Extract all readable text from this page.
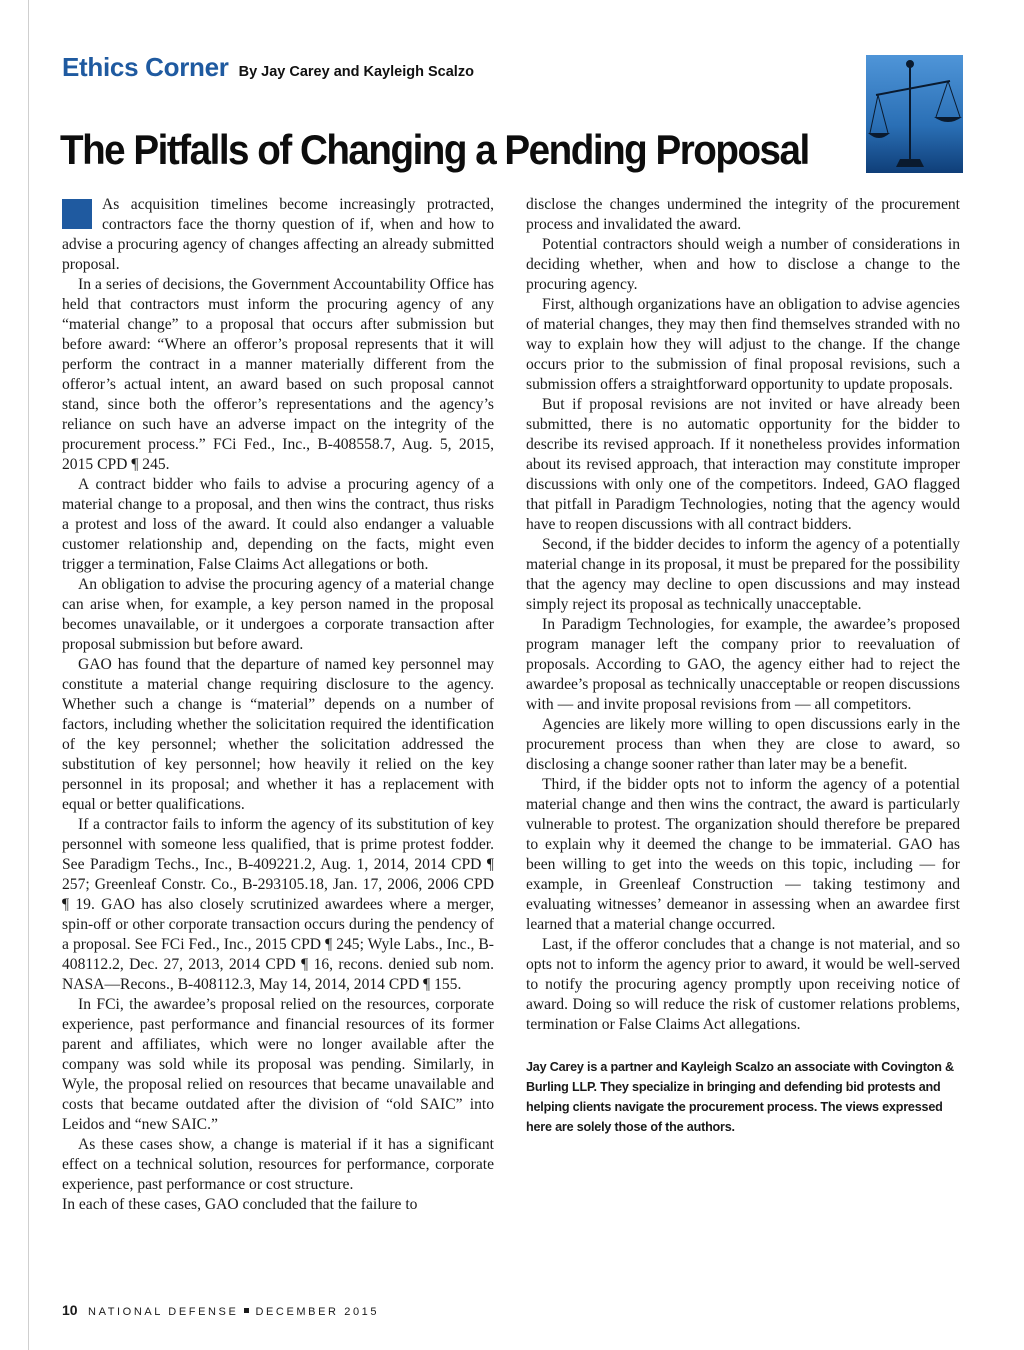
Ethics Corner By Jay Carey and Kayleigh Scalzo
The Pitfalls of Changing a Pending Proposal

As acquisition timelines become increasingly protracted, contractors face the thorny question of if, when and how to advise a procuring agency of changes affecting an already submitted proposal.

In a series of decisions, the Government Accountability Office has held that contractors must inform the procuring agency of any “material change” to a proposal that occurs after submission but before award: “Where an offeror’s proposal represents that it will perform the contract in a manner materially different from the offeror’s actual intent, an award based on such proposal cannot stand, since both the offeror’s representations and the agency’s reliance on such have an adverse impact on the integrity of the procurement process.” FCi Fed., Inc., B-408558.7, Aug. 5, 2015, 2015 CPD ¶ 245.

A contract bidder who fails to advise a procuring agency of a material change to a proposal, and then wins the contract, thus risks a protest and loss of the award. It could also endanger a valuable customer relationship and, depending on the facts, might even trigger a termination, False Claims Act allegations or both.

An obligation to advise the procuring agency of a material change can arise when, for example, a key person named in the proposal becomes unavailable, or it undergoes a corporate transaction after proposal submission but before award.

GAO has found that the departure of named key personnel may constitute a material change requiring disclosure to the agency. Whether such a change is “material” depends on a number of factors, including whether the solicitation required the identification of the key personnel; whether the solicitation addressed the substitution of key personnel; how heavily it relied on the key personnel in its proposal; and whether it has a replacement with equal or better qualifications.

If a contractor fails to inform the agency of its substitution of key personnel with someone less qualified, that is prime protest fodder. See Paradigm Techs., Inc., B-409221.2, Aug. 1, 2014, 2014 CPD ¶ 257; Greenleaf Constr. Co., B-293105.18, Jan. 17, 2006, 2006 CPD ¶ 19. GAO has also closely scrutinized awardees where a merger, spin-off or other corporate transaction occurs during the pendency of a proposal. See FCi Fed., Inc., 2015 CPD ¶ 245; Wyle Labs., Inc., B-408112.2, Dec. 27, 2013, 2014 CPD ¶ 16, recons. denied sub nom. NASA—Recons., B-408112.3, May 14, 2014, 2014 CPD ¶ 155.

In FCi, the awardee’s proposal relied on the resources, corporate experience, past performance and financial resources of its former parent and affiliates, which were no longer available after the company was sold while its proposal was pending. Similarly, in Wyle, the proposal relied on resources that became unavailable and costs that became outdated after the division of “old SAIC” into Leidos and “new SAIC.”

As these cases show, a change is material if it has a significant effect on a technical solution, resources for performance, corporate experience, past performance or cost structure.

In each of these cases, GAO concluded that the failure to

disclose the changes undermined the integrity of the procurement process and invalidated the award.

Potential contractors should weigh a number of considerations in deciding whether, when and how to disclose a change to the procuring agency.

First, although organizations have an obligation to advise agencies of material changes, they may then find themselves stranded with no way to explain how they will adjust to the change. If the change occurs prior to the submission of final proposal revisions, such a submission offers a straightforward opportunity to update proposals.

But if proposal revisions are not invited or have already been submitted, there is no automatic opportunity for the bidder to describe its revised approach. If it nonetheless provides information about its revised approach, that interaction may constitute improper discussions with only one of the competitors. Indeed, GAO flagged that pitfall in Paradigm Technologies, noting that the agency would have to reopen discussions with all contract bidders.

Second, if the bidder decides to inform the agency of a potentially material change in its proposal, it must be prepared for the possibility that the agency may decline to open discussions and may instead simply reject its proposal as technically unacceptable.

In Paradigm Technologies, for example, the awardee’s proposed program manager left the company prior to reevaluation of proposals. According to GAO, the agency either had to reject the awardee’s proposal as technically unacceptable or reopen discussions with — and invite proposal revisions from — all competitors.

Agencies are likely more willing to open discussions early in the procurement process than when they are close to award, so disclosing a change sooner rather than later may be a benefit.

Third, if the bidder opts not to inform the agency of a potential material change and then wins the contract, the award is particularly vulnerable to protest. The organization should therefore be prepared to explain why it deemed the change to be immaterial. GAO has been willing to get into the weeds on this topic, including — for example, in Greenleaf Construction — taking testimony and evaluating witnesses’ demeanor in assessing when an awardee first learned that a material change occurred.

Last, if the offeror concludes that a change is not material, and so opts not to inform the agency prior to award, it would be well-served to notify the procuring agency promptly upon receiving notice of award. Doing so will reduce the risk of customer relations problems, termination or False Claims Act allegations.

Jay Carey is a partner and Kayleigh Scalzo an associate with Covington & Burling LLP. They specialize in bringing and defending bid protests and helping clients navigate the procurement process. The views expressed here are solely those of the authors.
10 NATIONAL DEFENSE DECEMBER 2015
